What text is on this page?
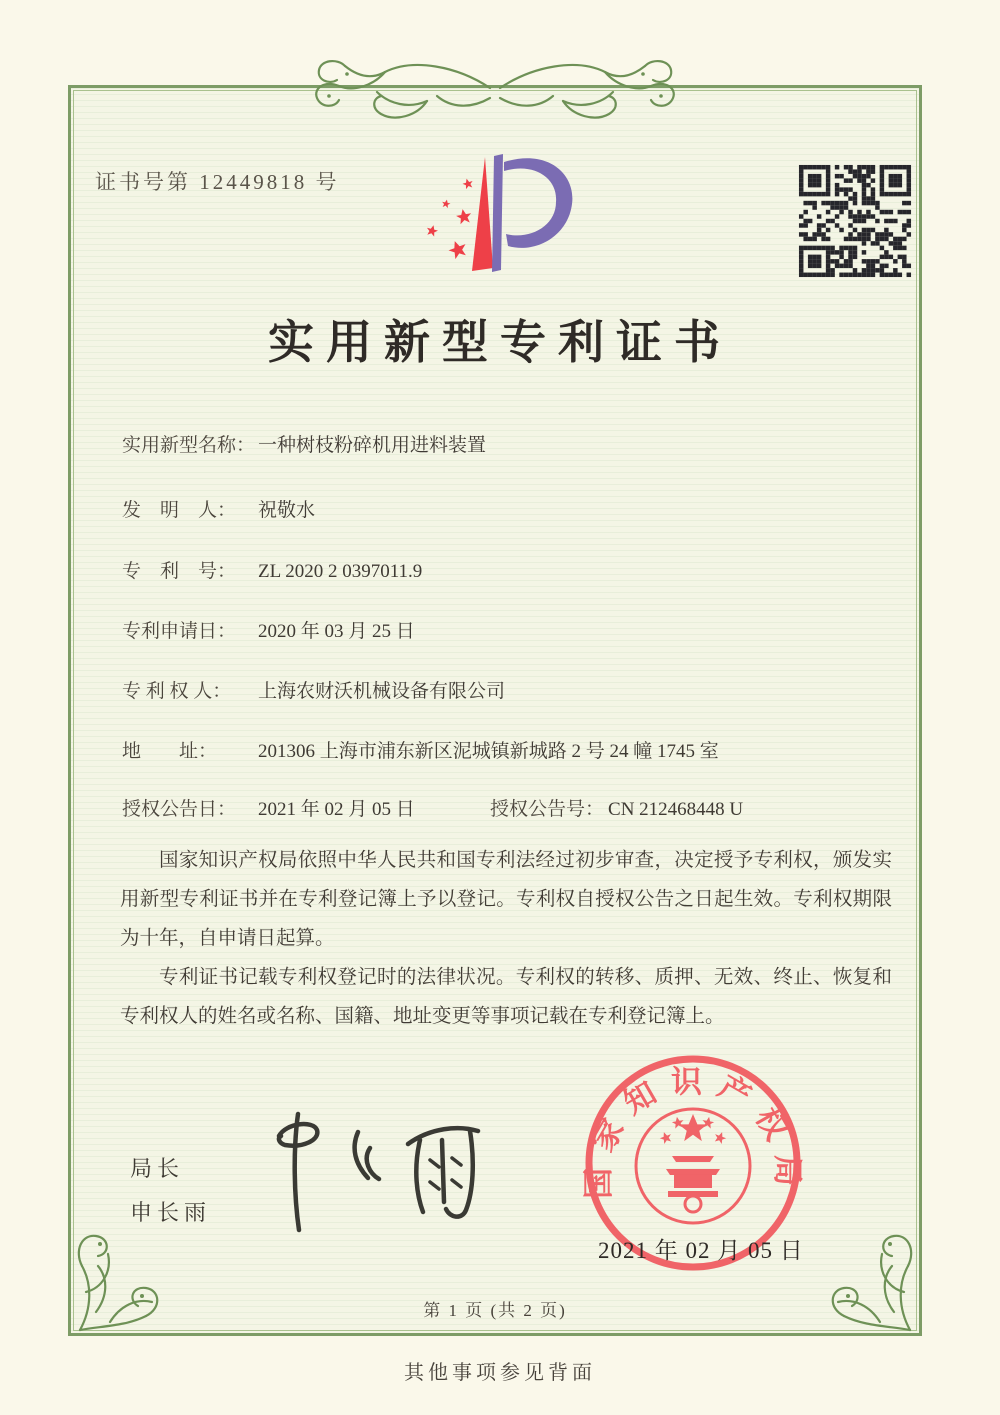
证书号第 12449818 号
实用新型专利证书
实用新型名称： 一种树枝粉碎机用进料装置
发　明　人： 祝敬水
专　利　号： ZL 2020 2 0397011.9
专利申请日： 2020 年 03 月 25 日
专 利 权 人： 上海农财沃机械设备有限公司
地　　址： 201306 上海市浦东新区泥城镇新城路 2 号 24 幢 1745 室
授权公告日： 2021 年 02 月 05 日	授权公告号： CN 212468448 U

国家知识产权局依照中华人民共和国专利法经过初步审查，决定授予专利权，颁发实用新型专利证书并在专利登记簿上予以登记。专利权自授权公告之日起生效。专利权期限为十年，自申请日起算。

专利证书记载专利权登记时的法律状况。专利权的转移、质押、无效、终止、恢复和专利权人的姓名或名称、国籍、地址变更等事项记载在专利登记簿上。

局长
申长雨
国家知识产权局
2021 年 02 月 05 日
第 1 页 (共 2 页)
其他事项参见背面
